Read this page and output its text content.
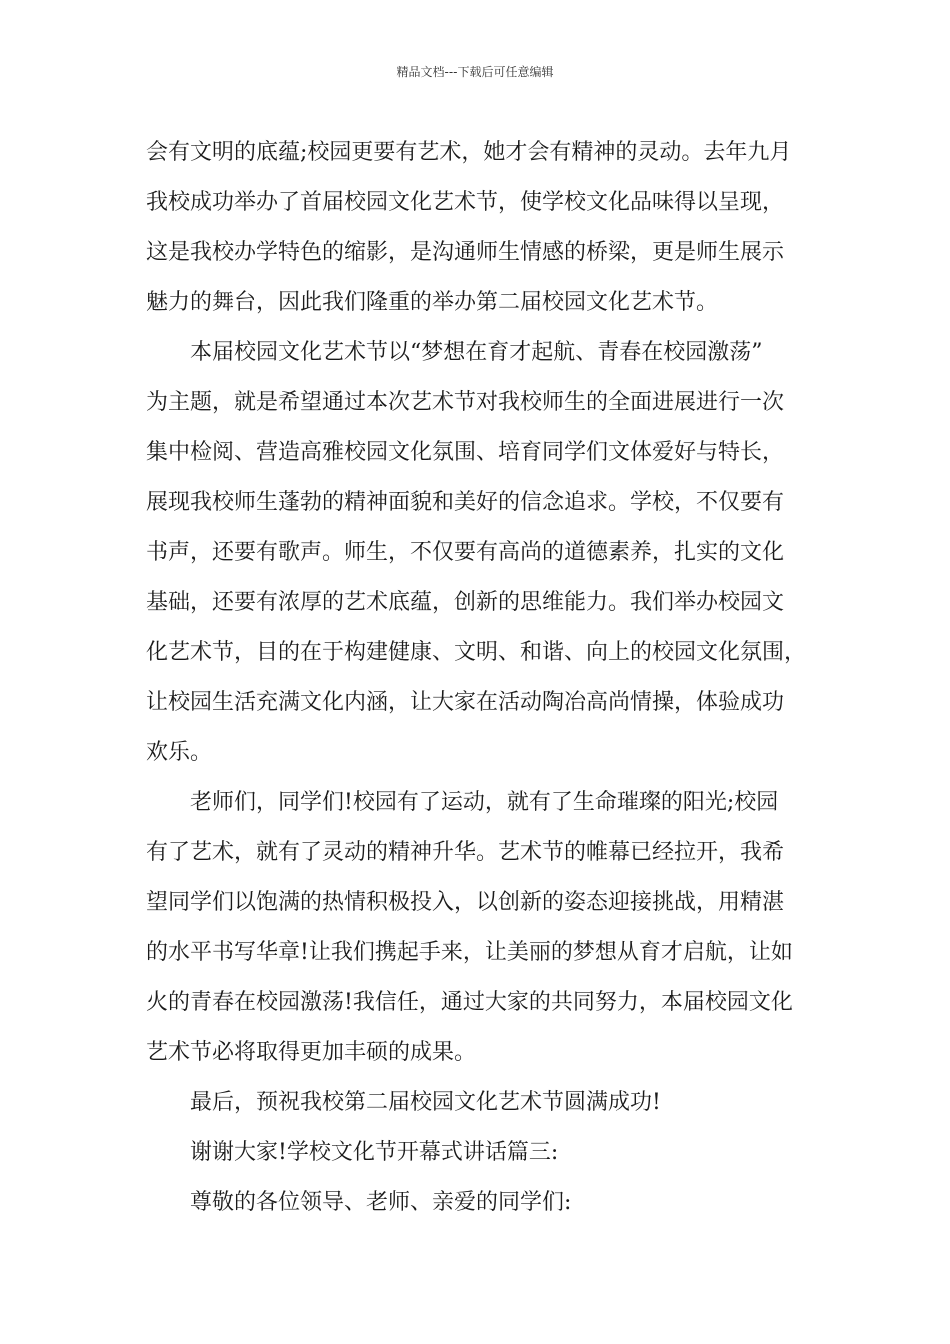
精品文档---下载后可任意编辑
会有文明的底蕴;校园更要有艺术，她才会有精神的灵动。去年九月
我校成功举办了首届校园文化艺术节，使学校文化品味得以呈现，
这是我校办学特色的缩影，是沟通师生情感的桥梁，更是师生展示
魅力的舞台，因此我们隆重的举办第二届校园文化艺术节。
本届校园文化艺术节以“梦想在育才起航、青春在校园激荡”
为主题，就是希望通过本次艺术节对我校师生的全面进展进行一次
集中检阅、营造高雅校园文化氛围、培育同学们文体爱好与特长，
展现我校师生蓬勃的精神面貌和美好的信念追求。学校，不仅要有
书声，还要有歌声。师生，不仅要有高尚的道德素养，扎实的文化
基础，还要有浓厚的艺术底蕴，创新的思维能力。我们举办校园文
化艺术节，目的在于构建健康、文明、和谐、向上的校园文化氛围，
让校园生活充满文化内涵，让大家在活动陶冶高尚情操，体验成功
欢乐。
老师们，同学们!校园有了运动，就有了生命璀璨的阳光;校园
有了艺术，就有了灵动的精神升华。艺术节的帷幕已经拉开，我希
望同学们以饱满的热情积极投入，以创新的姿态迎接挑战，用精湛
的水平书写华章!让我们携起手来，让美丽的梦想从育才启航，让如
火的青春在校园激荡!我信任，通过大家的共同努力，本届校园文化
艺术节必将取得更加丰硕的成果。
最后，预祝我校第二届校园文化艺术节圆满成功!
谢谢大家!学校文化节开幕式讲话篇三:
尊敬的各位领导、老师、亲爱的同学们:
